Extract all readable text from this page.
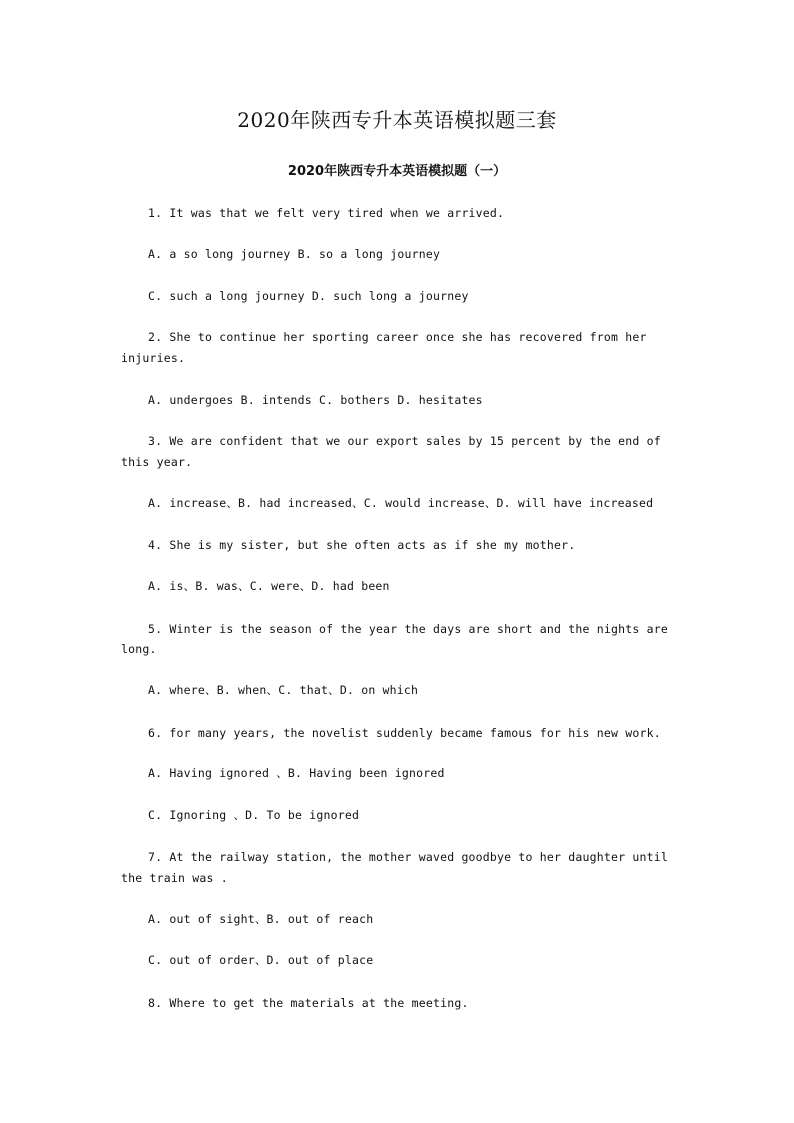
2020年陕西专升本英语模拟题三套
2020年陕西专升本英语模拟题（一）
1. It was that we felt very tired when we arrived.
A. a so long journey B. so a long journey
C. such a long journey D. such long a journey
2. She to continue her sporting career once she has recovered from her
injuries.
A. undergoes B. intends C. bothers D. hesitates
3. We are confident that we our export sales by 15 percent by the end of
this year.
A. increase、B. had increased、C. would increase、D. will have increased
4. She is my sister, but she often acts as if she my mother.
A. is、B. was、C. were、D. had been
5. Winter is the season of the year the days are short and the nights are
long.
A. where、B. when、C. that、D. on which
6. for many years, the novelist suddenly became famous for his new work.
A. Having ignored 、B. Having been ignored
C. Ignoring 、D. To be ignored
7. At the railway station, the mother waved goodbye to her daughter until
the train was .
A. out of sight、B. out of reach
C. out of order、D. out of place
8. Where to get the materials at the meeting.
